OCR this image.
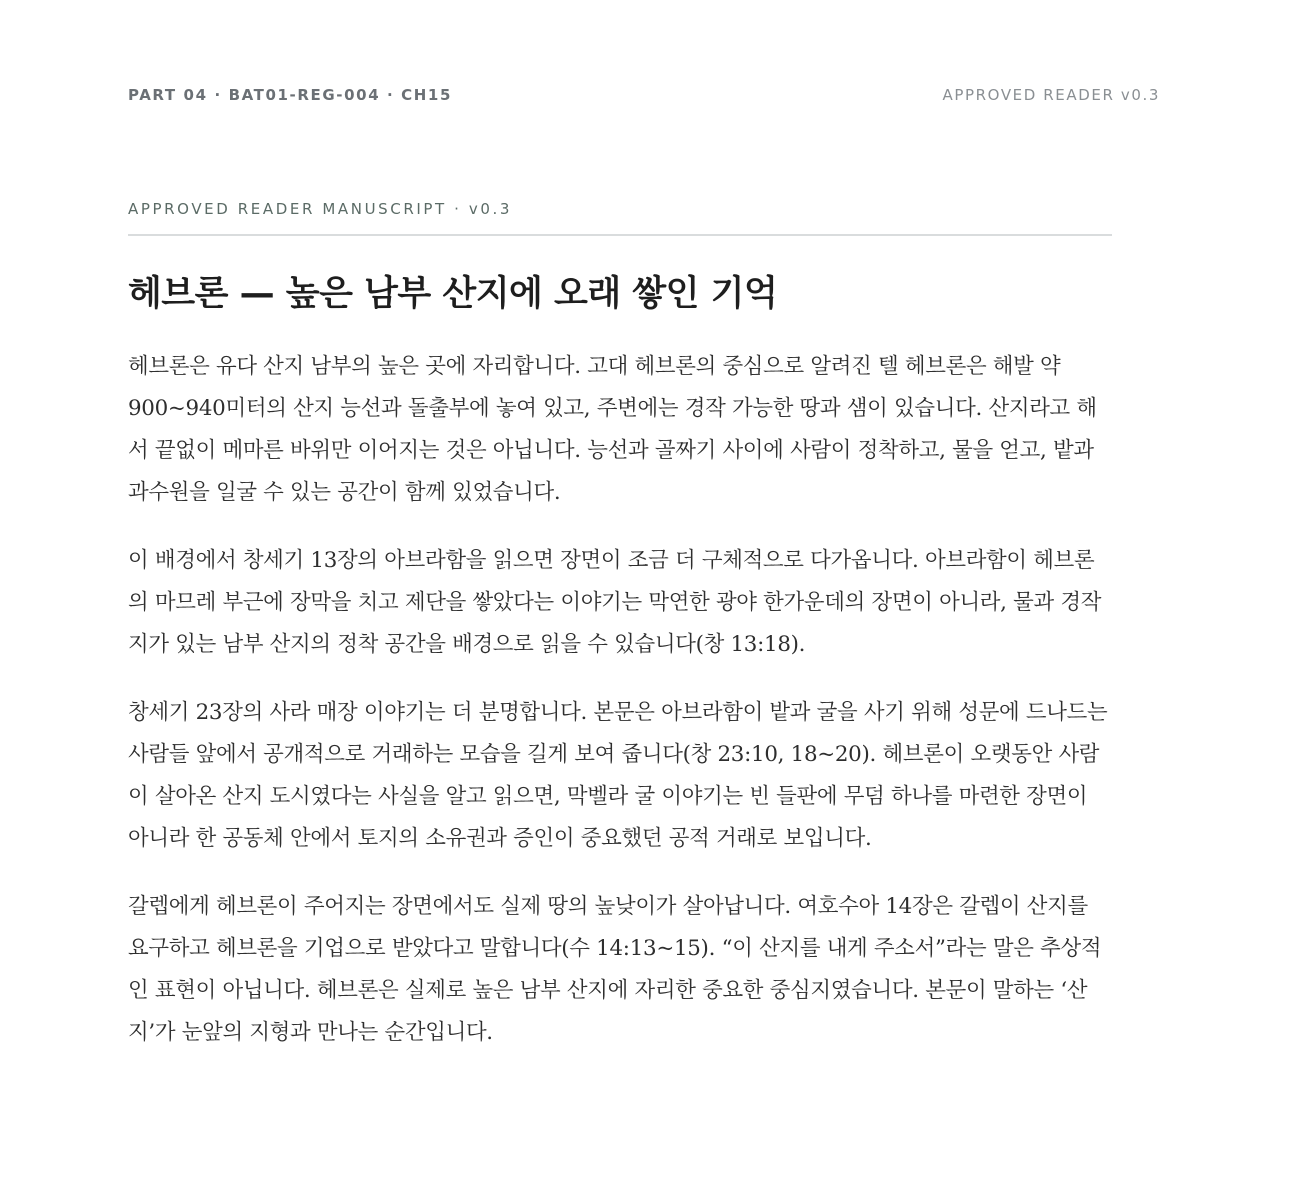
PART 04 · BAT01-REG-004 · CH15	APPROVED READER v0.3
APPROVED READER MANUSCRIPT · v0.3
헤브론 — 높은 남부 산지에 오래 쌓인 기억

헤브론은 유다 산지 남부의 높은 곳에 자리합니다. 고대 헤브론의 중심으로 알려진 텔 헤브론은 해발 약 900~940미터의 산지 능선과 돌출부에 놓여 있고, 주변에는 경작 가능한 땅과 샘이 있습니다. 산지라고 해서 끝없이 메마른 바위만 이어지는 것은 아닙니다. 능선과 골짜기 사이에 사람이 정착하고, 물을 얻고, 밭과 과수원을 일굴 수 있는 공간이 함께 있었습니다.

이 배경에서 창세기 13장의 아브라함을 읽으면 장면이 조금 더 구체적으로 다가옵니다. 아브라함이 헤브론의 마므레 부근에 장막을 치고 제단을 쌓았다는 이야기는 막연한 광야 한가운데의 장면이 아니라, 물과 경작지가 있는 남부 산지의 정착 공간을 배경으로 읽을 수 있습니다(창 13:18).

창세기 23장의 사라 매장 이야기는 더 분명합니다. 본문은 아브라함이 밭과 굴을 사기 위해 성문에 드나드는 사람들 앞에서 공개적으로 거래하는 모습을 길게 보여 줍니다(창 23:10, 18~20). 헤브론이 오랫동안 사람이 살아온 산지 도시였다는 사실을 알고 읽으면, 막벨라 굴 이야기는 빈 들판에 무덤 하나를 마련한 장면이 아니라 한 공동체 안에서 토지의 소유권과 증인이 중요했던 공적 거래로 보입니다.

갈렙에게 헤브론이 주어지는 장면에서도 실제 땅의 높낮이가 살아납니다. 여호수아 14장은 갈렙이 산지를 요구하고 헤브론을 기업으로 받았다고 말합니다(수 14:13~15). “이 산지를 내게 주소서”라는 말은 추상적인 표현이 아닙니다. 헤브론은 실제로 높은 남부 산지에 자리한 중요한 중심지였습니다. 본문이 말하는 ‘산지’가 눈앞의 지형과 만나는 순간입니다.
